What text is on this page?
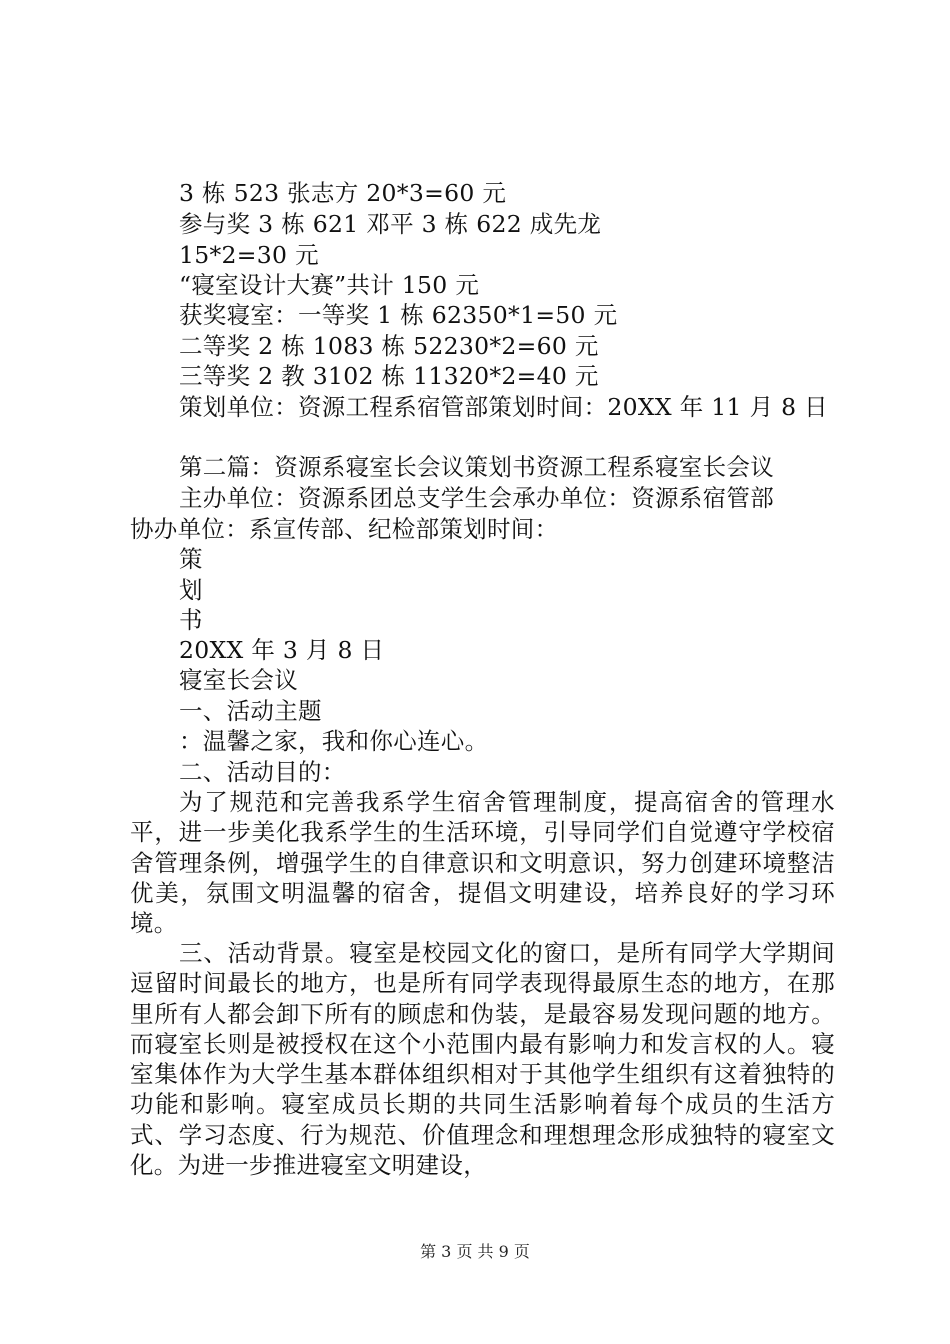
3 栋 523 张志方 20*3=60 元
参与奖 3 栋 621 邓平 3 栋 622 成先龙
15*2=30 元
“寝室设计大赛”共计 150 元
获奖寝室：一等奖 1 栋 62350*1=50 元
二等奖 2 栋 1083 栋 52230*2=60 元
三等奖 2 教 3102 栋 11320*2=40 元
策划单位：资源工程系宿管部策划时间：20XX 年 11 月 8 日
第二篇：资源系寝室长会议策划书资源工程系寝室长会议
主办单位：资源系团总支学生会承办单位：资源系宿管部
协办单位：系宣传部、纪检部策划时间：
策
划
书
20XX 年 3 月 8 日
寝室长会议
一、活动主题
：温馨之家，我和你心连心。
二、活动目的：
为了规范和完善我系学生宿舍管理制度，提高宿舍的管理水平，进一步美化我系学生的生活环境，引导同学们自觉遵守学校宿舍管理条例，增强学生的自律意识和文明意识，努力创建环境整洁优美，氛围文明温馨的宿舍，提倡文明建设，培养良好的学习环境。
三、活动背景。寝室是校园文化的窗口，是所有同学大学期间逗留时间最长的地方，也是所有同学表现得最原生态的地方，在那里所有人都会卸下所有的顾虑和伪装，是最容易发现问题的地方。而寝室长则是被授权在这个小范围内最有影响力和发言权的人。寝室集体作为大学生基本群体组织相对于其他学生组织有这着独特的功能和影响。寝室成员长期的共同生活影响着每个成员的生活方式、学习态度、行为规范、价值理念和理想理念形成独特的寝室文化。为进一步推进寝室文明建设，
第 3 页 共 9 页
